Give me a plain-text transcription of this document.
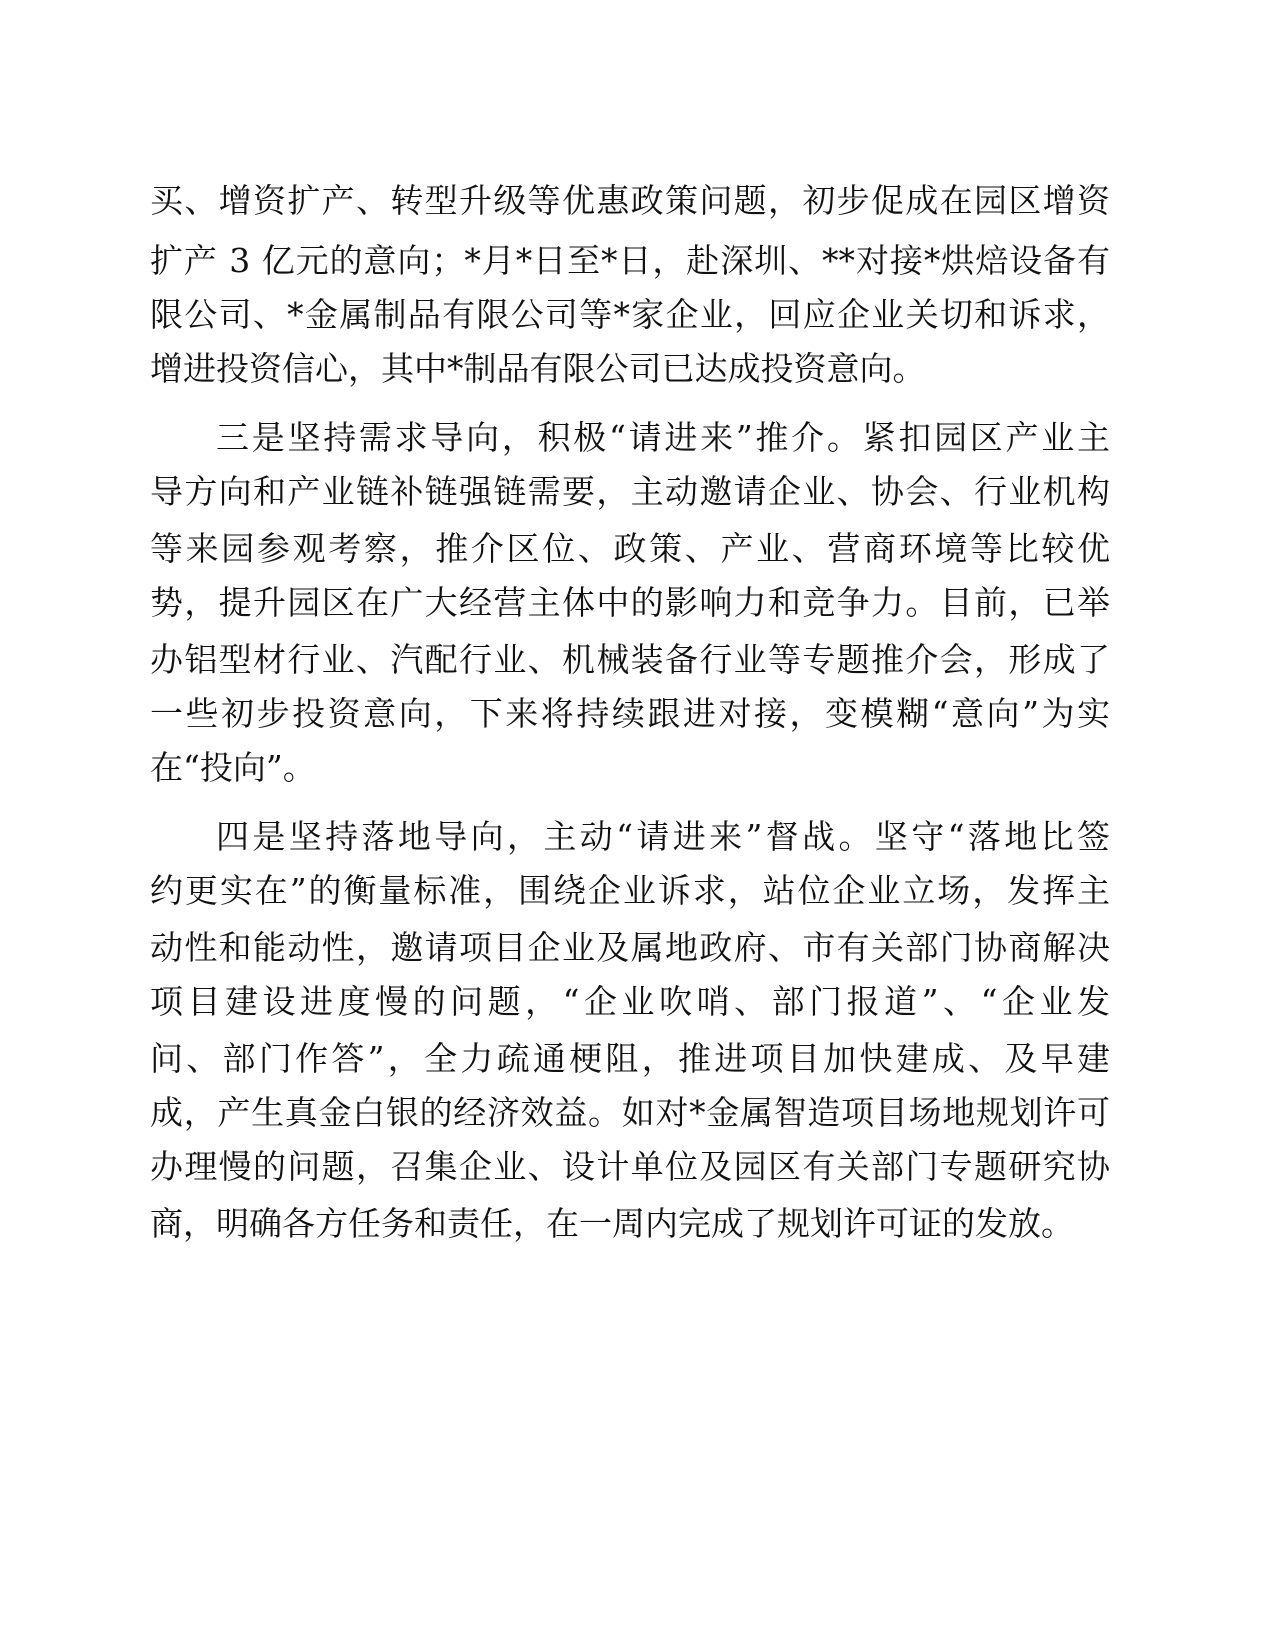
买、增资扩产、转型升级等优惠政策问题，初步促成在园区增资
扩产 3 亿元的意向；*月*日至*日，赴深圳、**对接*烘焙设备有
限公司、*金属制品有限公司等*家企业，回应企业关切和诉求，
增进投资信心，其中*制品有限公司已达成投资意向。
三是坚持需求导向，积极“请进来”推介。紧扣园区产业主
导方向和产业链补链强链需要，主动邀请企业、协会、行业机构
等来园参观考察，推介区位、政策、产业、营商环境等比较优
势，提升园区在广大经营主体中的影响力和竞争力。目前，已举
办铝型材行业、汽配行业、机械装备行业等专题推介会，形成了
一些初步投资意向，下来将持续跟进对接，变模糊“意向”为实
在“投向”。
四是坚持落地导向，主动“请进来”督战。坚守“落地比签
约更实在”的衡量标准，围绕企业诉求，站位企业立场，发挥主
动性和能动性，邀请项目企业及属地政府、市有关部门协商解决
项目建设进度慢的问题，“企业吹哨、部门报道”、“企业发
问、部门作答”，全力疏通梗阻，推进项目加快建成、及早建
成，产生真金白银的经济效益。如对*金属智造项目场地规划许可
办理慢的问题，召集企业、设计单位及园区有关部门专题研究协
商，明确各方任务和责任，在一周内完成了规划许可证的发放。
